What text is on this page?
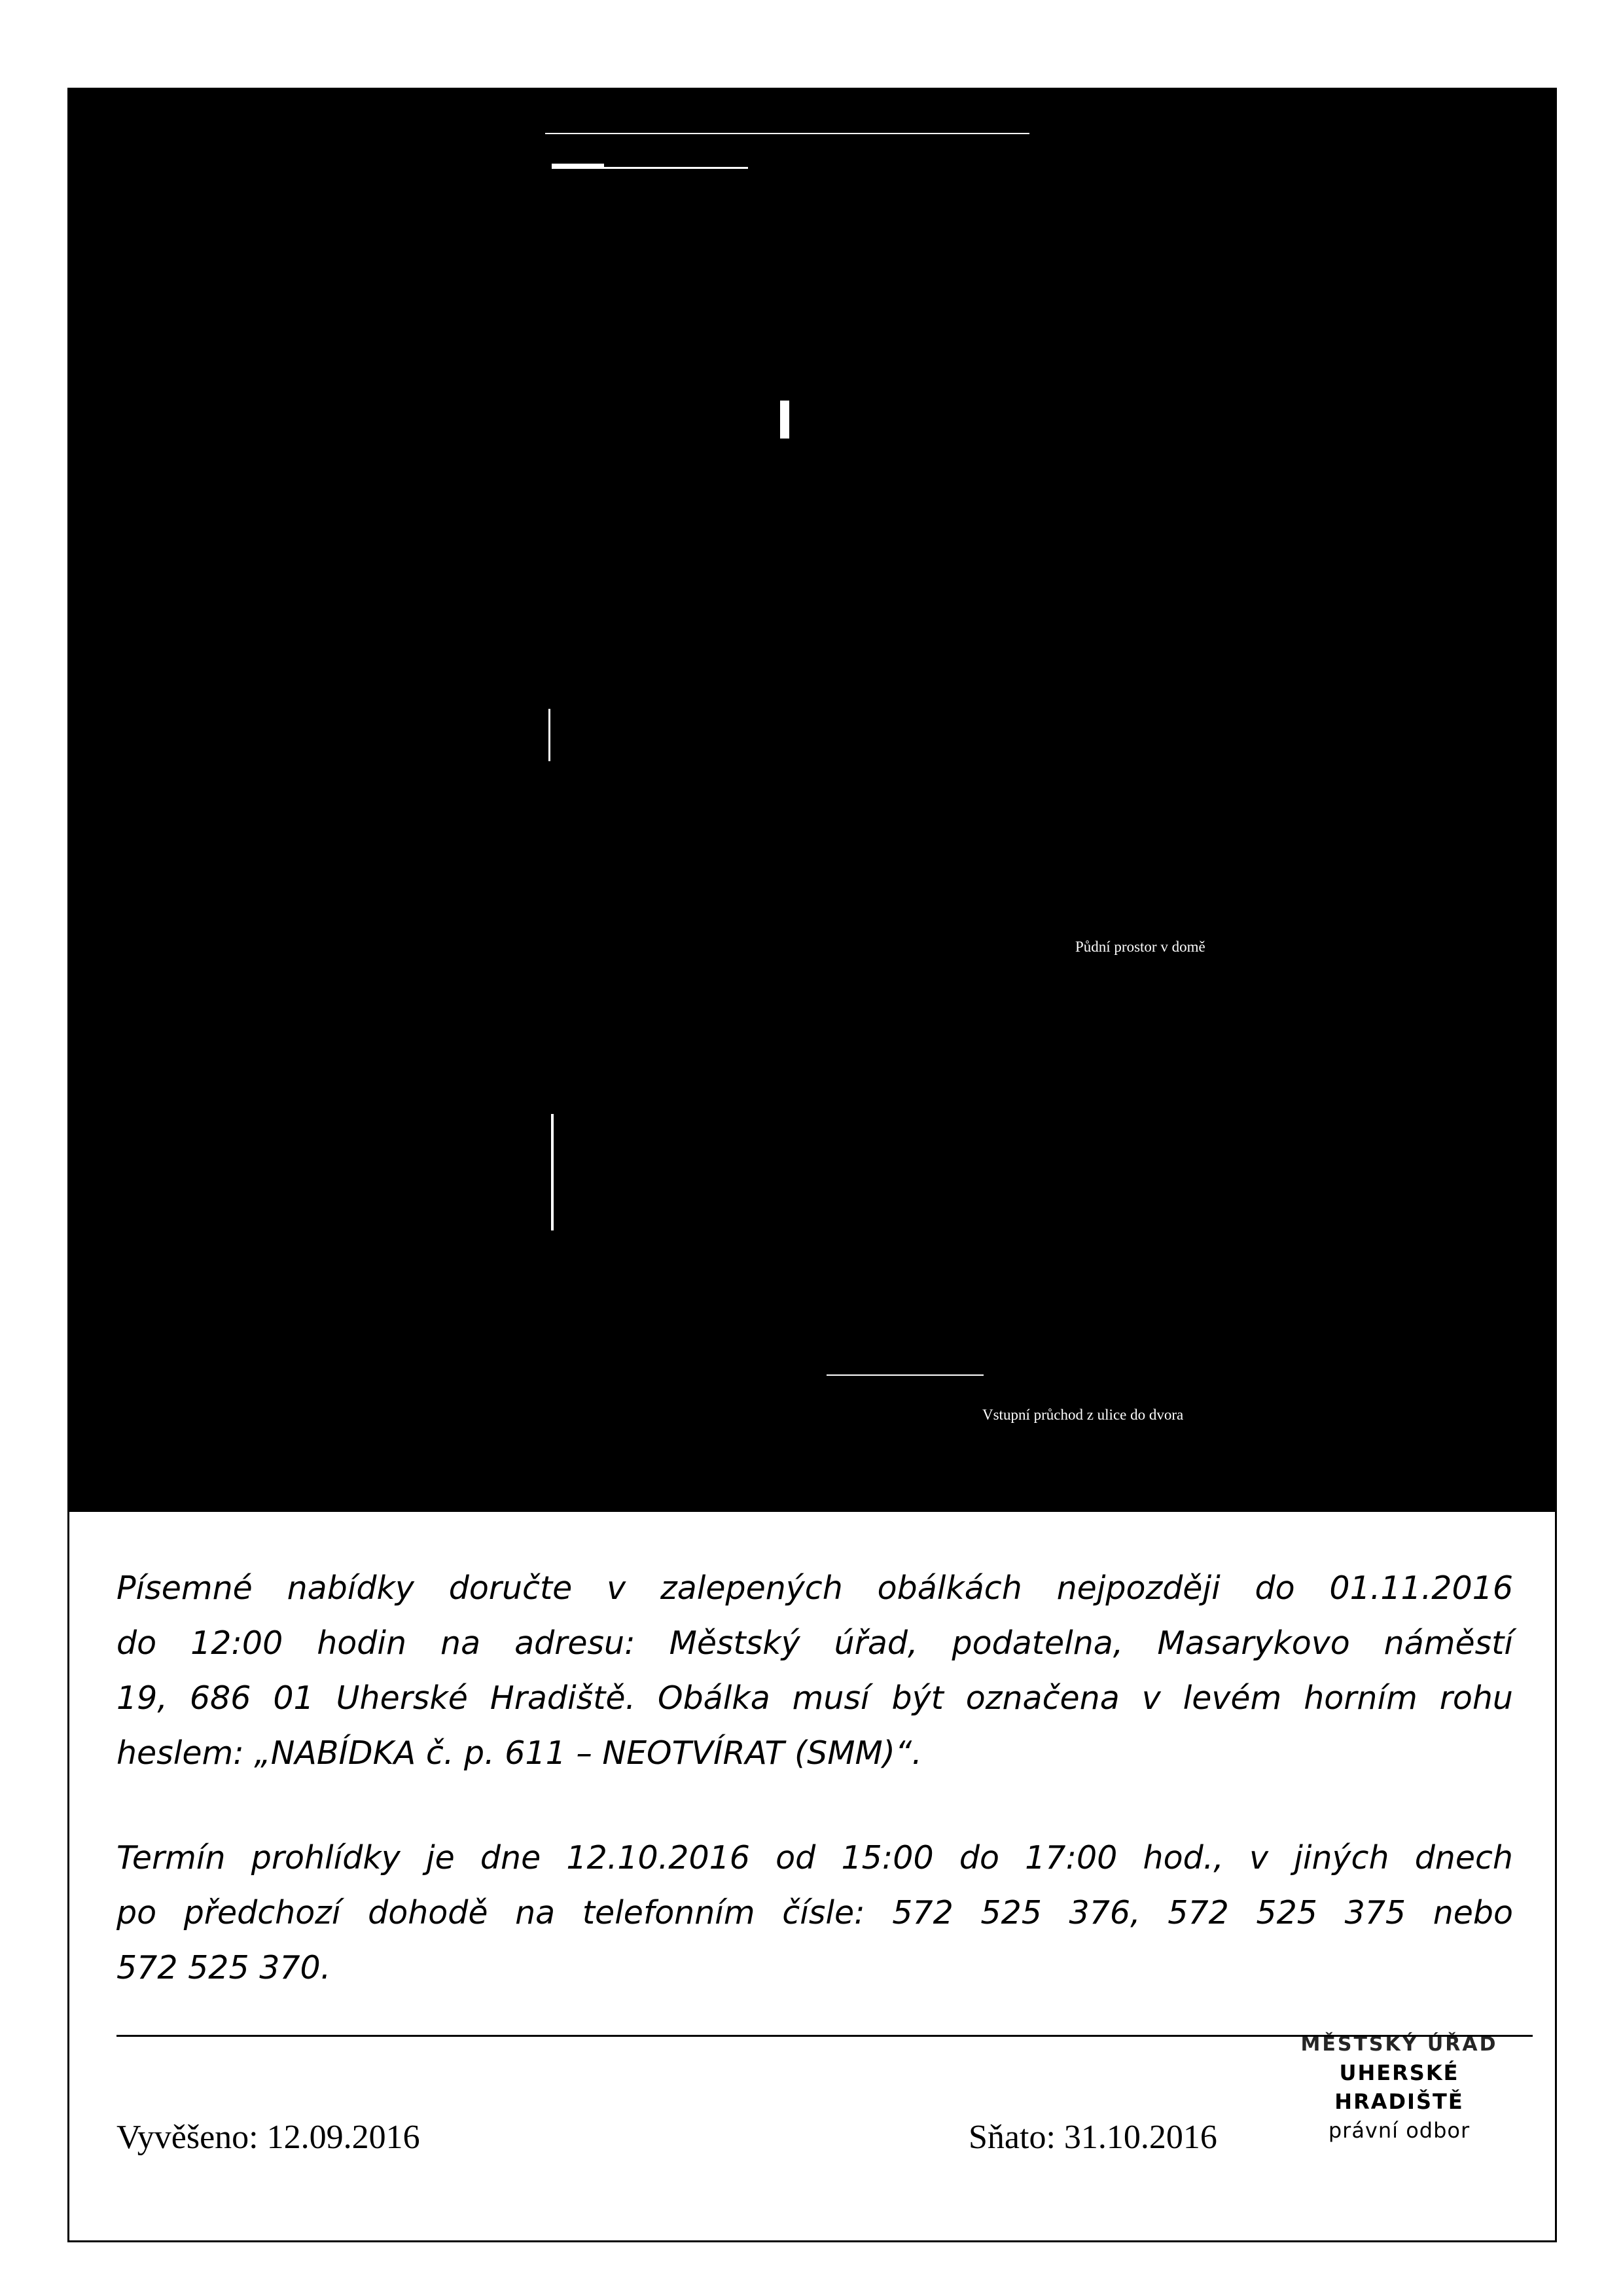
Půdní prostor v domě
Vstupní průchod z ulice do dvora
Písemné nabídky doručte v zalepených obálkách nejpozději do 01.11.2016
do 12:00 hodin na adresu: Městský úřad, podatelna, Masarykovo náměstí
19, 686 01 Uherské Hradiště. Obálka musí být označena v levém horním rohu
heslem: „NABÍDKA č. p. 611 – NEOTVÍRAT (SMM)“.
Termín prohlídky je dne 12.10.2016 od 15:00 do 17:00 hod., v jiných dnech
po předchozí dohodě na telefonním čísle: 572 525 376, 572 525 375 nebo
572 525 370.
Vyvěšeno: 12.09.2016	Sňato: 31.10.2016
MĚSTSKÝ ÚŘAD
UHERSKÉ HRADIŠTĚ
právní odbor
